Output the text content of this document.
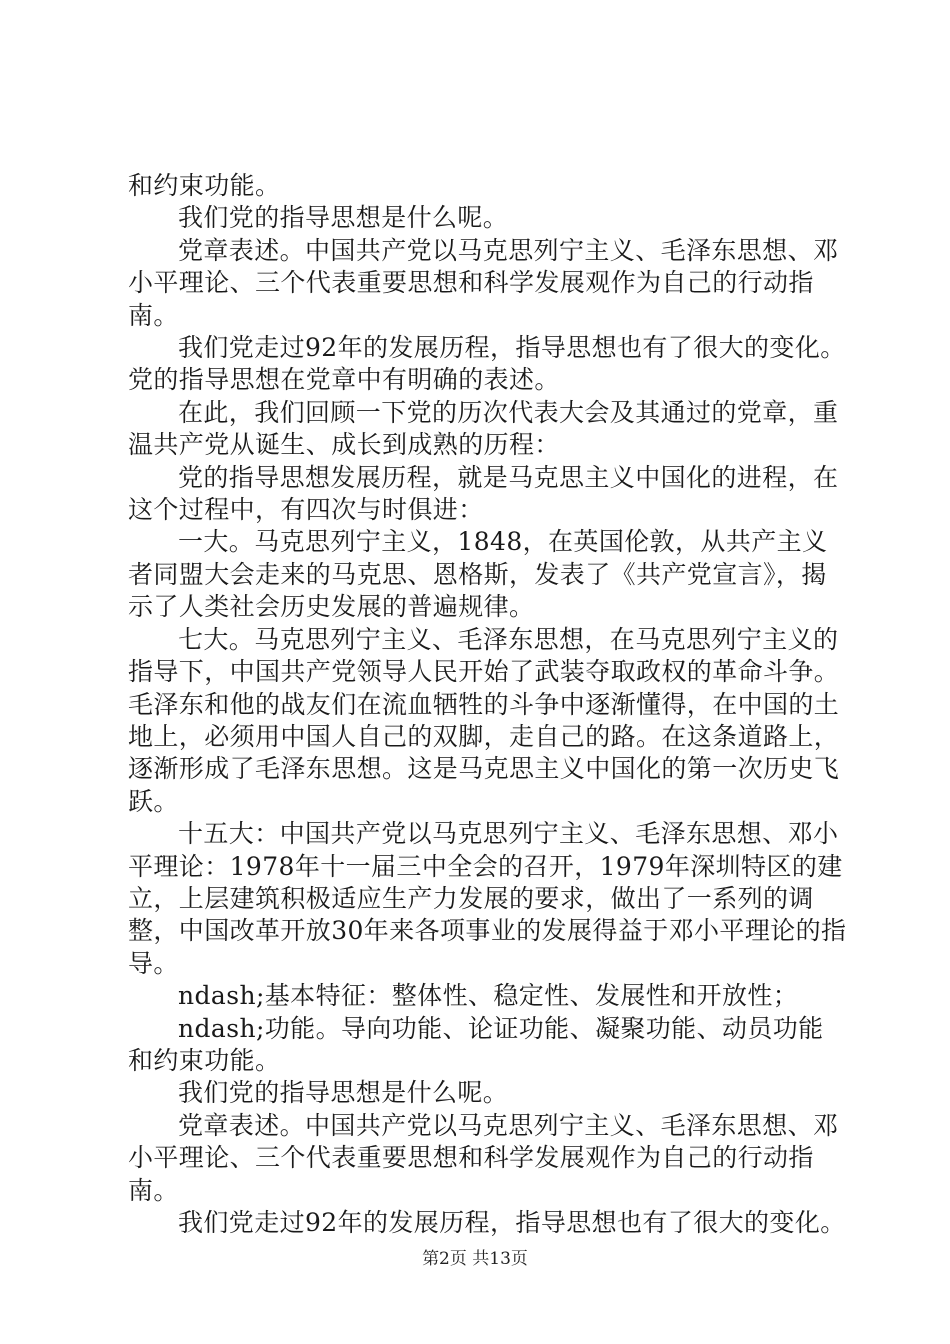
和约束功能。

我们党的指导思想是什么呢。

党章表述。中国共产党以马克思列宁主义、毛泽东思想、邓小平理论、三个代表重要思想和科学发展观作为自己的行动指南。

我们党走过92年的发展历程，指导思想也有了很大的变化。党的指导思想在党章中有明确的表述。

在此，我们回顾一下党的历次代表大会及其通过的党章，重温共产党从诞生、成长到成熟的历程：

党的指导思想发展历程，就是马克思主义中国化的进程，在这个过程中，有四次与时俱进：

一大。马克思列宁主义，1848，在英国伦敦，从共产主义者同盟大会走来的马克思、恩格斯，发表了《共产党宣言》，揭示了人类社会历史发展的普遍规律。

七大。马克思列宁主义、毛泽东思想，在马克思列宁主义的指导下，中国共产党领导人民开始了武装夺取政权的革命斗争。毛泽东和他的战友们在流血牺牲的斗争中逐渐懂得，在中国的土地上，必须用中国人自己的双脚，走自己的路。在这条道路上，逐渐形成了毛泽东思想。这是马克思主义中国化的第一次历史飞跃。

十五大：中国共产党以马克思列宁主义、毛泽东思想、邓小平理论：1978年十一届三中全会的召开，1979年深圳特区的建立，上层建筑积极适应生产力发展的要求，做出了一系列的调整，中国改革开放30年来各项事业的发展得益于邓小平理论的指导。

ndash;基本特征：整体性、稳定性、发展性和开放性；

ndash;功能。导向功能、论证功能、凝聚功能、动员功能和约束功能。

我们党的指导思想是什么呢。

党章表述。中国共产党以马克思列宁主义、毛泽东思想、邓小平理论、三个代表重要思想和科学发展观作为自己的行动指南。

我们党走过92年的发展历程，指导思想也有了很大的变化。

第2页 共13页
